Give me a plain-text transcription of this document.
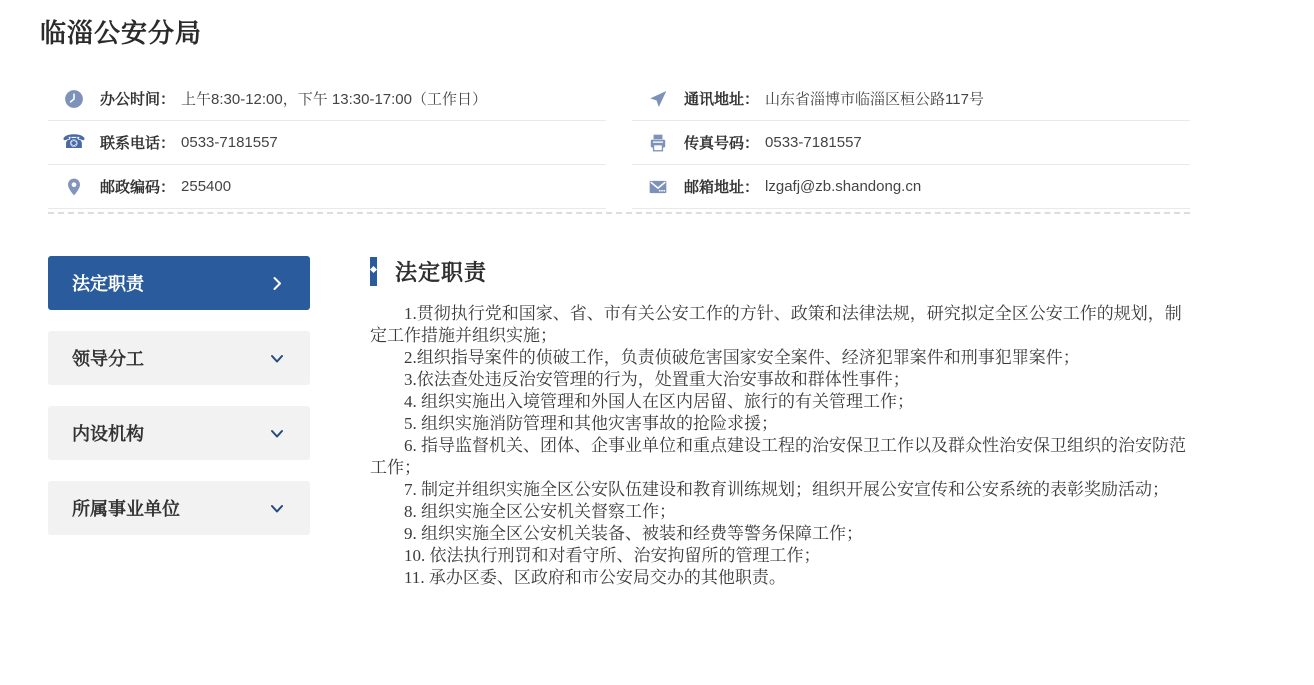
临淄公安分局
办公时间： 上午8:30-12:00，下午 13:30-17:00（工作日）	通讯地址： 山东省淄博市临淄区桓公路117号
☎ 联系电话： 0533-7181557	传真号码： 0533-7181557
邮政编码： 255400	邮箱地址： lzgafj@zb.shandong.cn
法定职责
领导分工
内设机构
所属事业单位
法定职责

1.贯彻执行党和国家、省、市有关公安工作的方针、政策和法律法规，研究拟定全区公安工作的规划，制定工作措施并组织实施；

2.组织指导案件的侦破工作，负责侦破危害国家安全案件、经济犯罪案件和刑事犯罪案件；

3.依法查处违反治安管理的行为，处置重大治安事故和群体性事件；

4. 组织实施出入境管理和外国人在区内居留、旅行的有关管理工作；

5. 组织实施消防管理和其他灾害事故的抢险求援；

6. 指导监督机关、团体、企事业单位和重点建设工程的治安保卫工作以及群众性治安保卫组织的治安防范工作；

7. 制定并组织实施全区公安队伍建设和教育训练规划；组织开展公安宣传和公安系统的表彰奖励活动；

8. 组织实施全区公安机关督察工作；

9. 组织实施全区公安机关装备、被装和经费等警务保障工作；

10. 依法执行刑罚和对看守所、治安拘留所的管理工作；

11. 承办区委、区政府和市公安局交办的其他职责。
